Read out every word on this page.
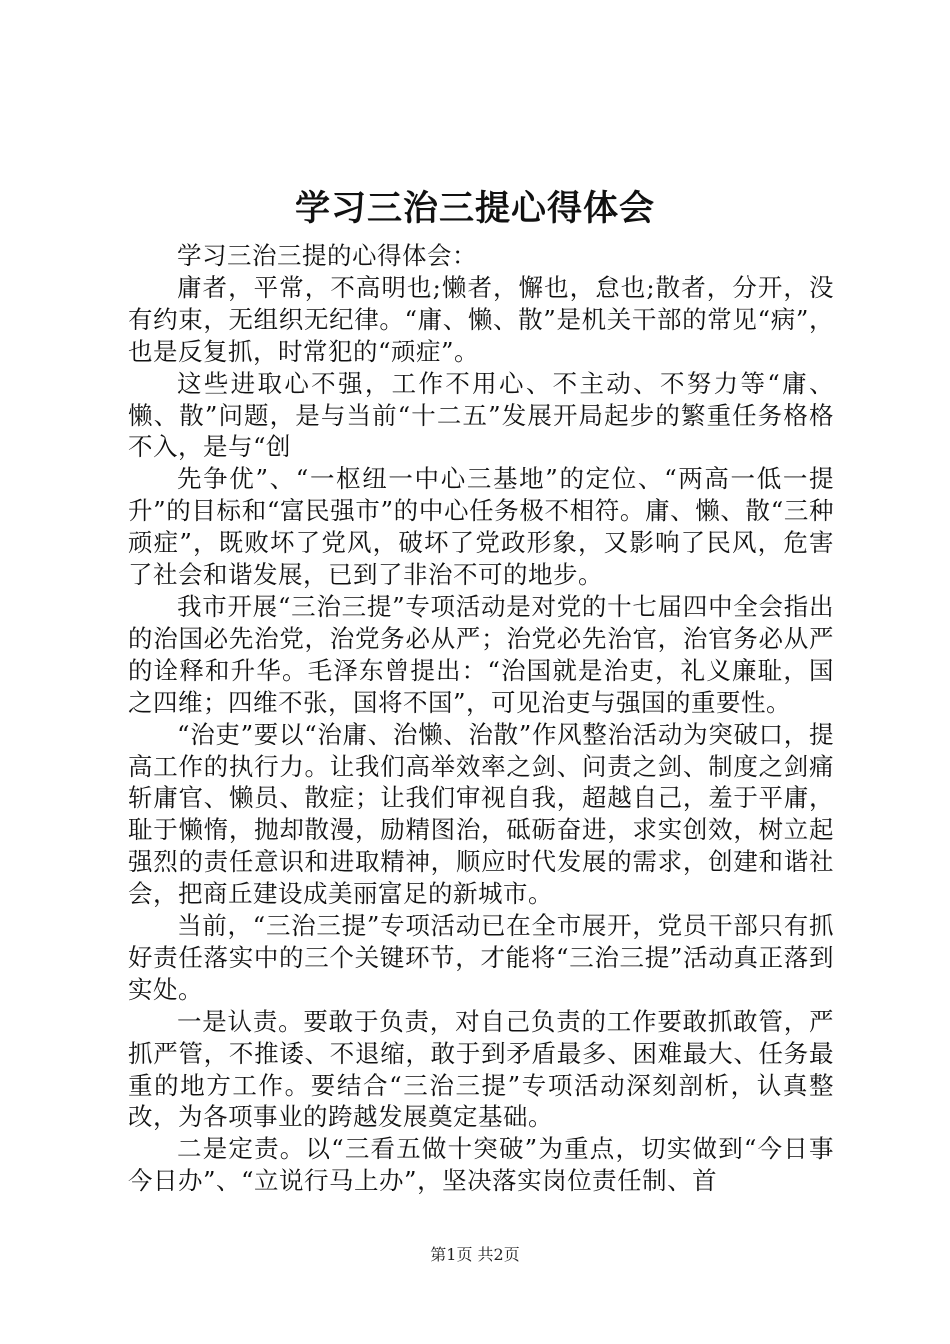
学习三治三提心得体会

学习三治三提的心得体会：

庸者，平常，不高明也;懒者，懈也，怠也;散者，分开，没有约束，无组织无纪律。“庸、懒、散”是机关干部的常见“病”，也是反复抓，时常犯的“顽症”。

这些进取心不强，工作不用心、不主动、不努力等“庸、懒、散”问题，是与当前“十二五”发展开局起步的繁重任务格格不入，是与“创

先争优”、“一枢纽一中心三基地”的定位、“两高一低一提升”的目标和“富民强市”的中心任务极不相符。庸、懒、散“三种顽症”，既败坏了党风，破坏了党政形象，又影响了民风，危害了社会和谐发展，已到了非治不可的地步。

我市开展“三治三提”专项活动是对党的十七届四中全会指出的治国必先治党，治党务必从严；治党必先治官，治官务必从严的诠释和升华。毛泽东曾提出：“治国就是治吏，礼义廉耻，国之四维；四维不张，国将不国”，可见治吏与强国的重要性。

“治吏”要以“治庸、治懒、治散”作风整治活动为突破口，提高工作的执行力。让我们高举效率之剑、问责之剑、制度之剑痛斩庸官、懒员、散症；让我们审视自我，超越自己，羞于平庸，耻于懒惰，抛却散漫，励精图治，砥砺奋进，求实创效，树立起强烈的责任意识和进取精神，顺应时代发展的需求，创建和谐社会，把商丘建设成美丽富足的新城市。

当前，“三治三提”专项活动已在全市展开，党员干部只有抓好责任落实中的三个关键环节，才能将“三治三提”活动真正落到实处。

一是认责。要敢于负责，对自己负责的工作要敢抓敢管，严抓严管，不推诿、不退缩，敢于到矛盾最多、困难最大、任务最重的地方工作。要结合“三治三提”专项活动深刻剖析，认真整改，为各项事业的跨越发展奠定基础。

二是定责。以“三看五做十突破”为重点，切实做到“今日事今日办”、“立说行马上办”，坚决落实岗位责任制、首

第1页 共2页
